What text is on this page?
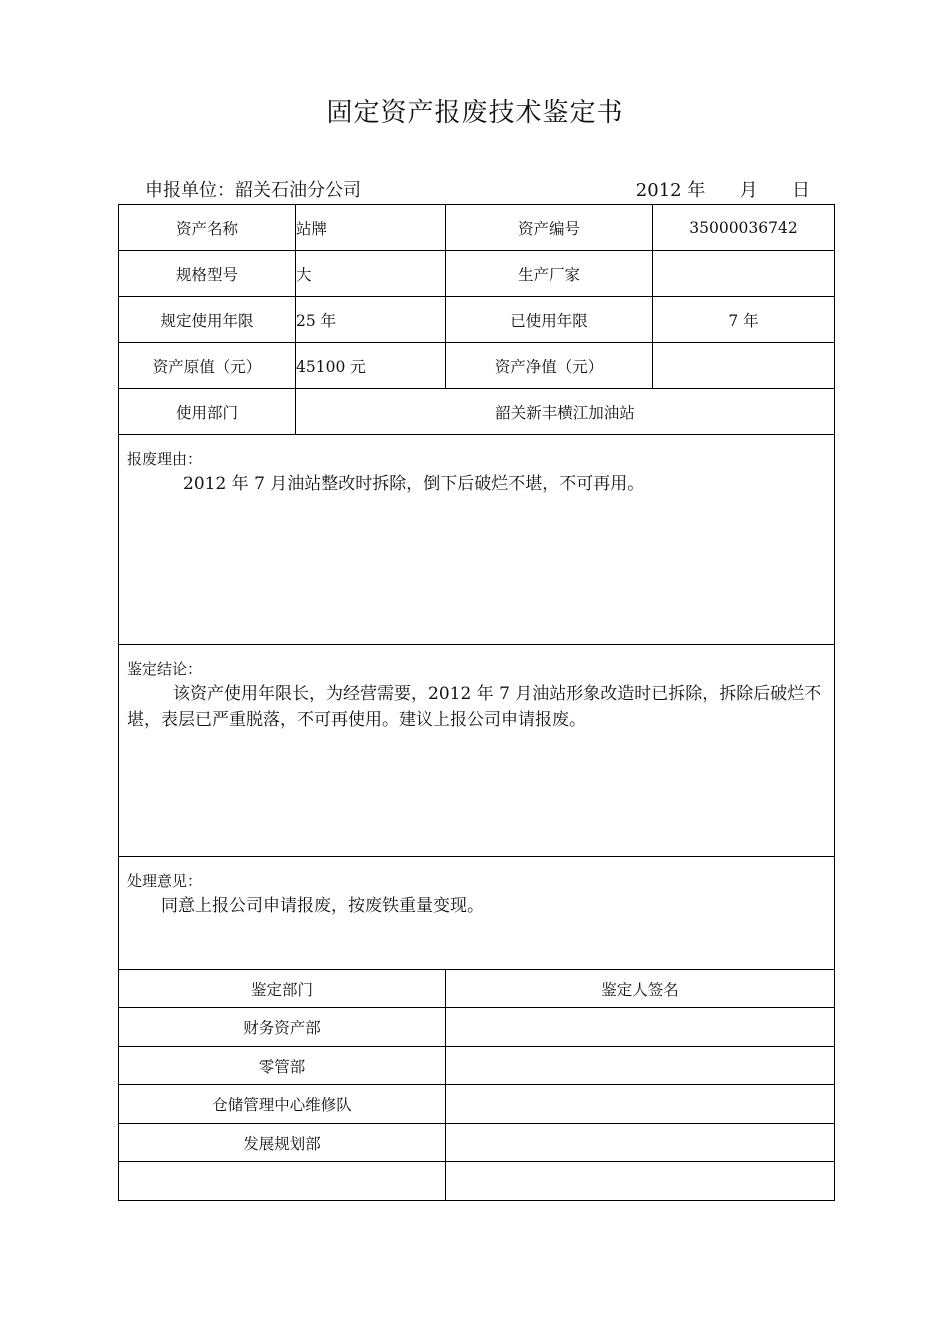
固定资产报废技术鉴定书
申报单位：韶关石油分公司	2012 年      月      日
资产名称	站牌	资产编号	35000036742
规格型号	大	生产厂家	
规定使用年限	25 年	已使用年限	7 年
资产原值（元）	45100 元	资产净值（元）	
使用部门	韶关新丰横江加油站		

报废理由：
2012 年 7 月油站整改时拆除，倒下后破烂不堪，不可再用。			

鉴定结论：
该资产使用年限长，为经营需要，2012 年 7 月油站形象改造时已拆除，拆除后破烂不堪，表层已严重脱落，不可再使用。建议上报公司申请报废。			

处理意见：
同意上报公司申请报废，按废铁重量变现。			

鉴定部门		鉴定人签名	
财务资产部			
零管部			
仓储管理中心维修队			
发展规划部			
